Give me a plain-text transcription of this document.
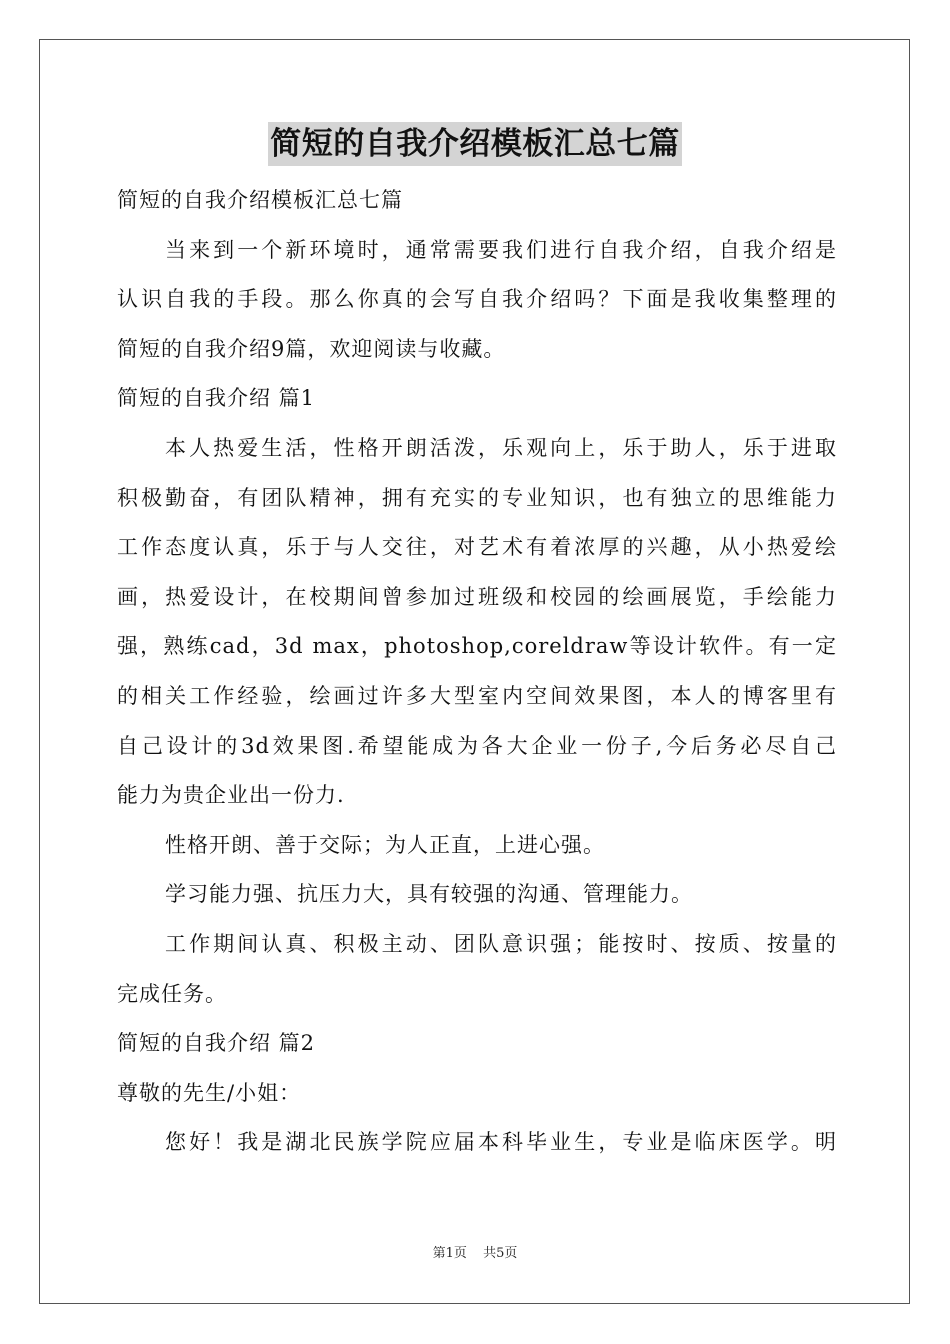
简短的自我介绍模板汇总七篇
简短的自我介绍模板汇总七篇
当来到一个新环境时，通常需要我们进行自我介绍，自我介绍是
认识自我的手段。那么你真的会写自我介绍吗？下面是我收集整理的
简短的自我介绍9篇，欢迎阅读与收藏。
简短的自我介绍 篇1
本人热爱生活，性格开朗活泼，乐观向上，乐于助人，乐于进取
积极勤奋，有团队精神，拥有充实的专业知识，也有独立的思维能力
工作态度认真，乐于与人交往，对艺术有着浓厚的兴趣，从小热爱绘
画，热爱设计，在校期间曾参加过班级和校园的绘画展览，手绘能力
强，熟练cad，3d max，photoshop,coreldraw等设计软件。有一定
的相关工作经验，绘画过许多大型室内空间效果图，本人的博客里有
自己设计的3d效果图.希望能成为各大企业一份子,今后务必尽自己
能力为贵企业出一份力.
性格开朗、善于交际；为人正直，上进心强。
学习能力强、抗压力大，具有较强的沟通、管理能力。
工作期间认真、积极主动、团队意识强；能按时、按质、按量的
完成任务。
简短的自我介绍 篇2
尊敬的先生/小姐：
您好！我是湖北民族学院应届本科毕业生，专业是临床医学。明
第1页 共5页
